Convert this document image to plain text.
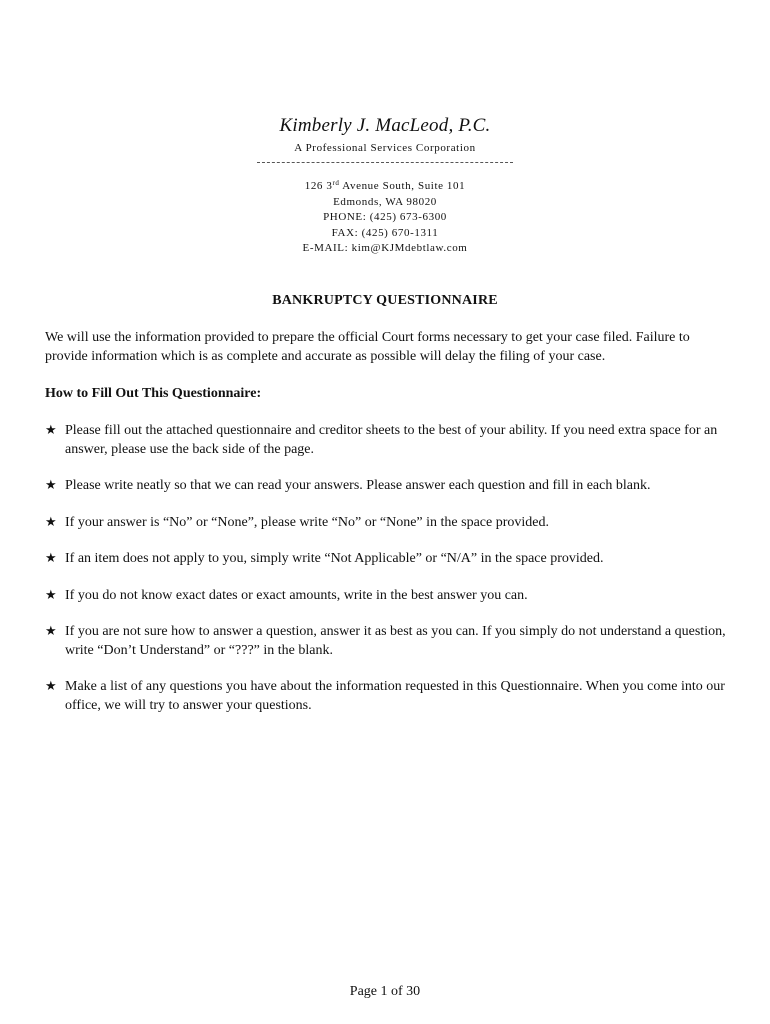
Kimberly J. MacLeod, P.C.
A Professional Services Corporation
126 3rd Avenue South, Suite 101
Edmonds, WA 98020
PHONE: (425) 673-6300
FAX: (425) 670-1311
E-MAIL: kim@KJMdebtlaw.com
BANKRUPTCY QUESTIONNAIRE
We will use the information provided to prepare the official Court forms necessary to get your case filed. Failure to provide information which is as complete and accurate as possible will delay the filing of your case.
How to Fill Out This Questionnaire:
★ Please fill out the attached questionnaire and creditor sheets to the best of your ability. If you need extra space for an answer, please use the back side of the page.
★ Please write neatly so that we can read your answers. Please answer each question and fill in each blank.
★ If your answer is “No” or “None”, please write “No” or “None” in the space provided.
★ If an item does not apply to you, simply write “Not Applicable” or “N/A” in the space provided.
★ If you do not know exact dates or exact amounts, write in the best answer you can.
★ If you are not sure how to answer a question, answer it as best as you can. If you simply do not understand a question, write “Don’t Understand” or “???” in the blank.
★ Make a list of any questions you have about the information requested in this Questionnaire. When you come into our office, we will try to answer your questions.
Page 1 of 30
